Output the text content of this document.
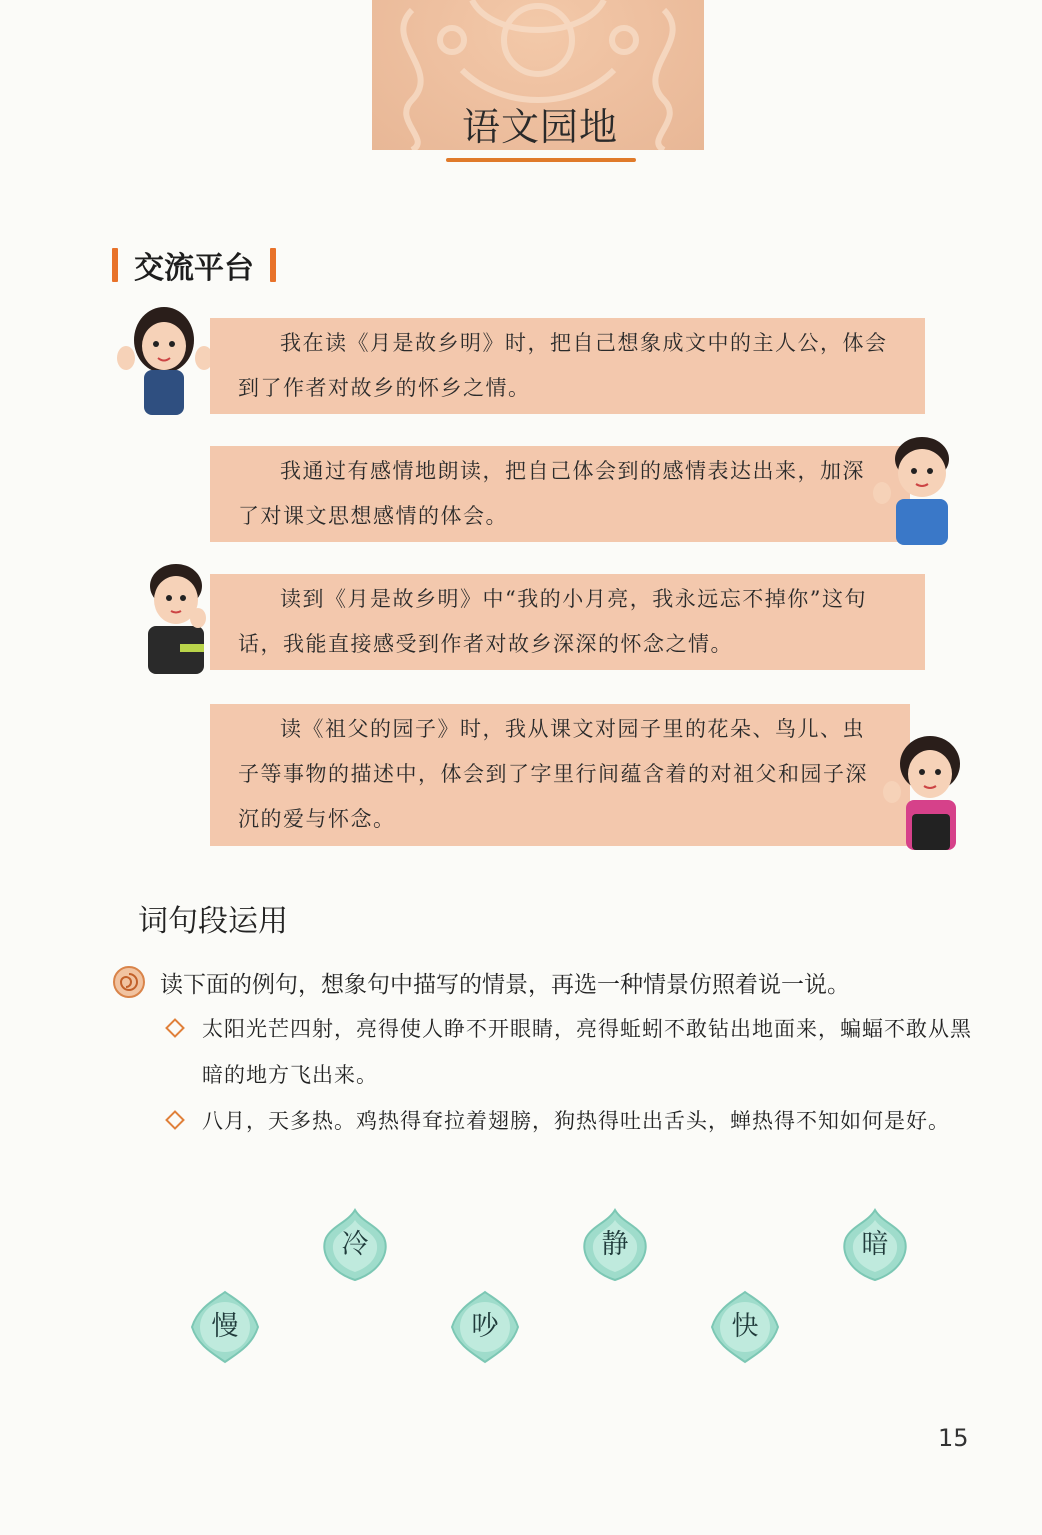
语文园地
交流平台
我在读《月是故乡明》时，把自己想象成文中的主人公，体会到了作者对故乡的怀乡之情。
我通过有感情地朗读，把自己体会到的感情表达出来，加深了对课文思想感情的体会。
读到《月是故乡明》中“我的小月亮，我永远忘不掉你”这句话，我能直接感受到作者对故乡深深的怀念之情。
读《祖父的园子》时，我从课文对园子里的花朵、鸟儿、虫子等事物的描述中，体会到了字里行间蕴含着的对祖父和园子深沉的爱与怀念。
词句段运用
读下面的例句，想象句中描写的情景，再选一种情景仿照着说一说。
太阳光芒四射，亮得使人睁不开眼睛，亮得蚯蚓不敢钻出地面来，蝙蝠不敢从黑暗的地方飞出来。
八月，天多热。鸡热得耷拉着翅膀，狗热得吐出舌头，蝉热得不知如何是好。
冷	静	暗
慢	吵	快
15
